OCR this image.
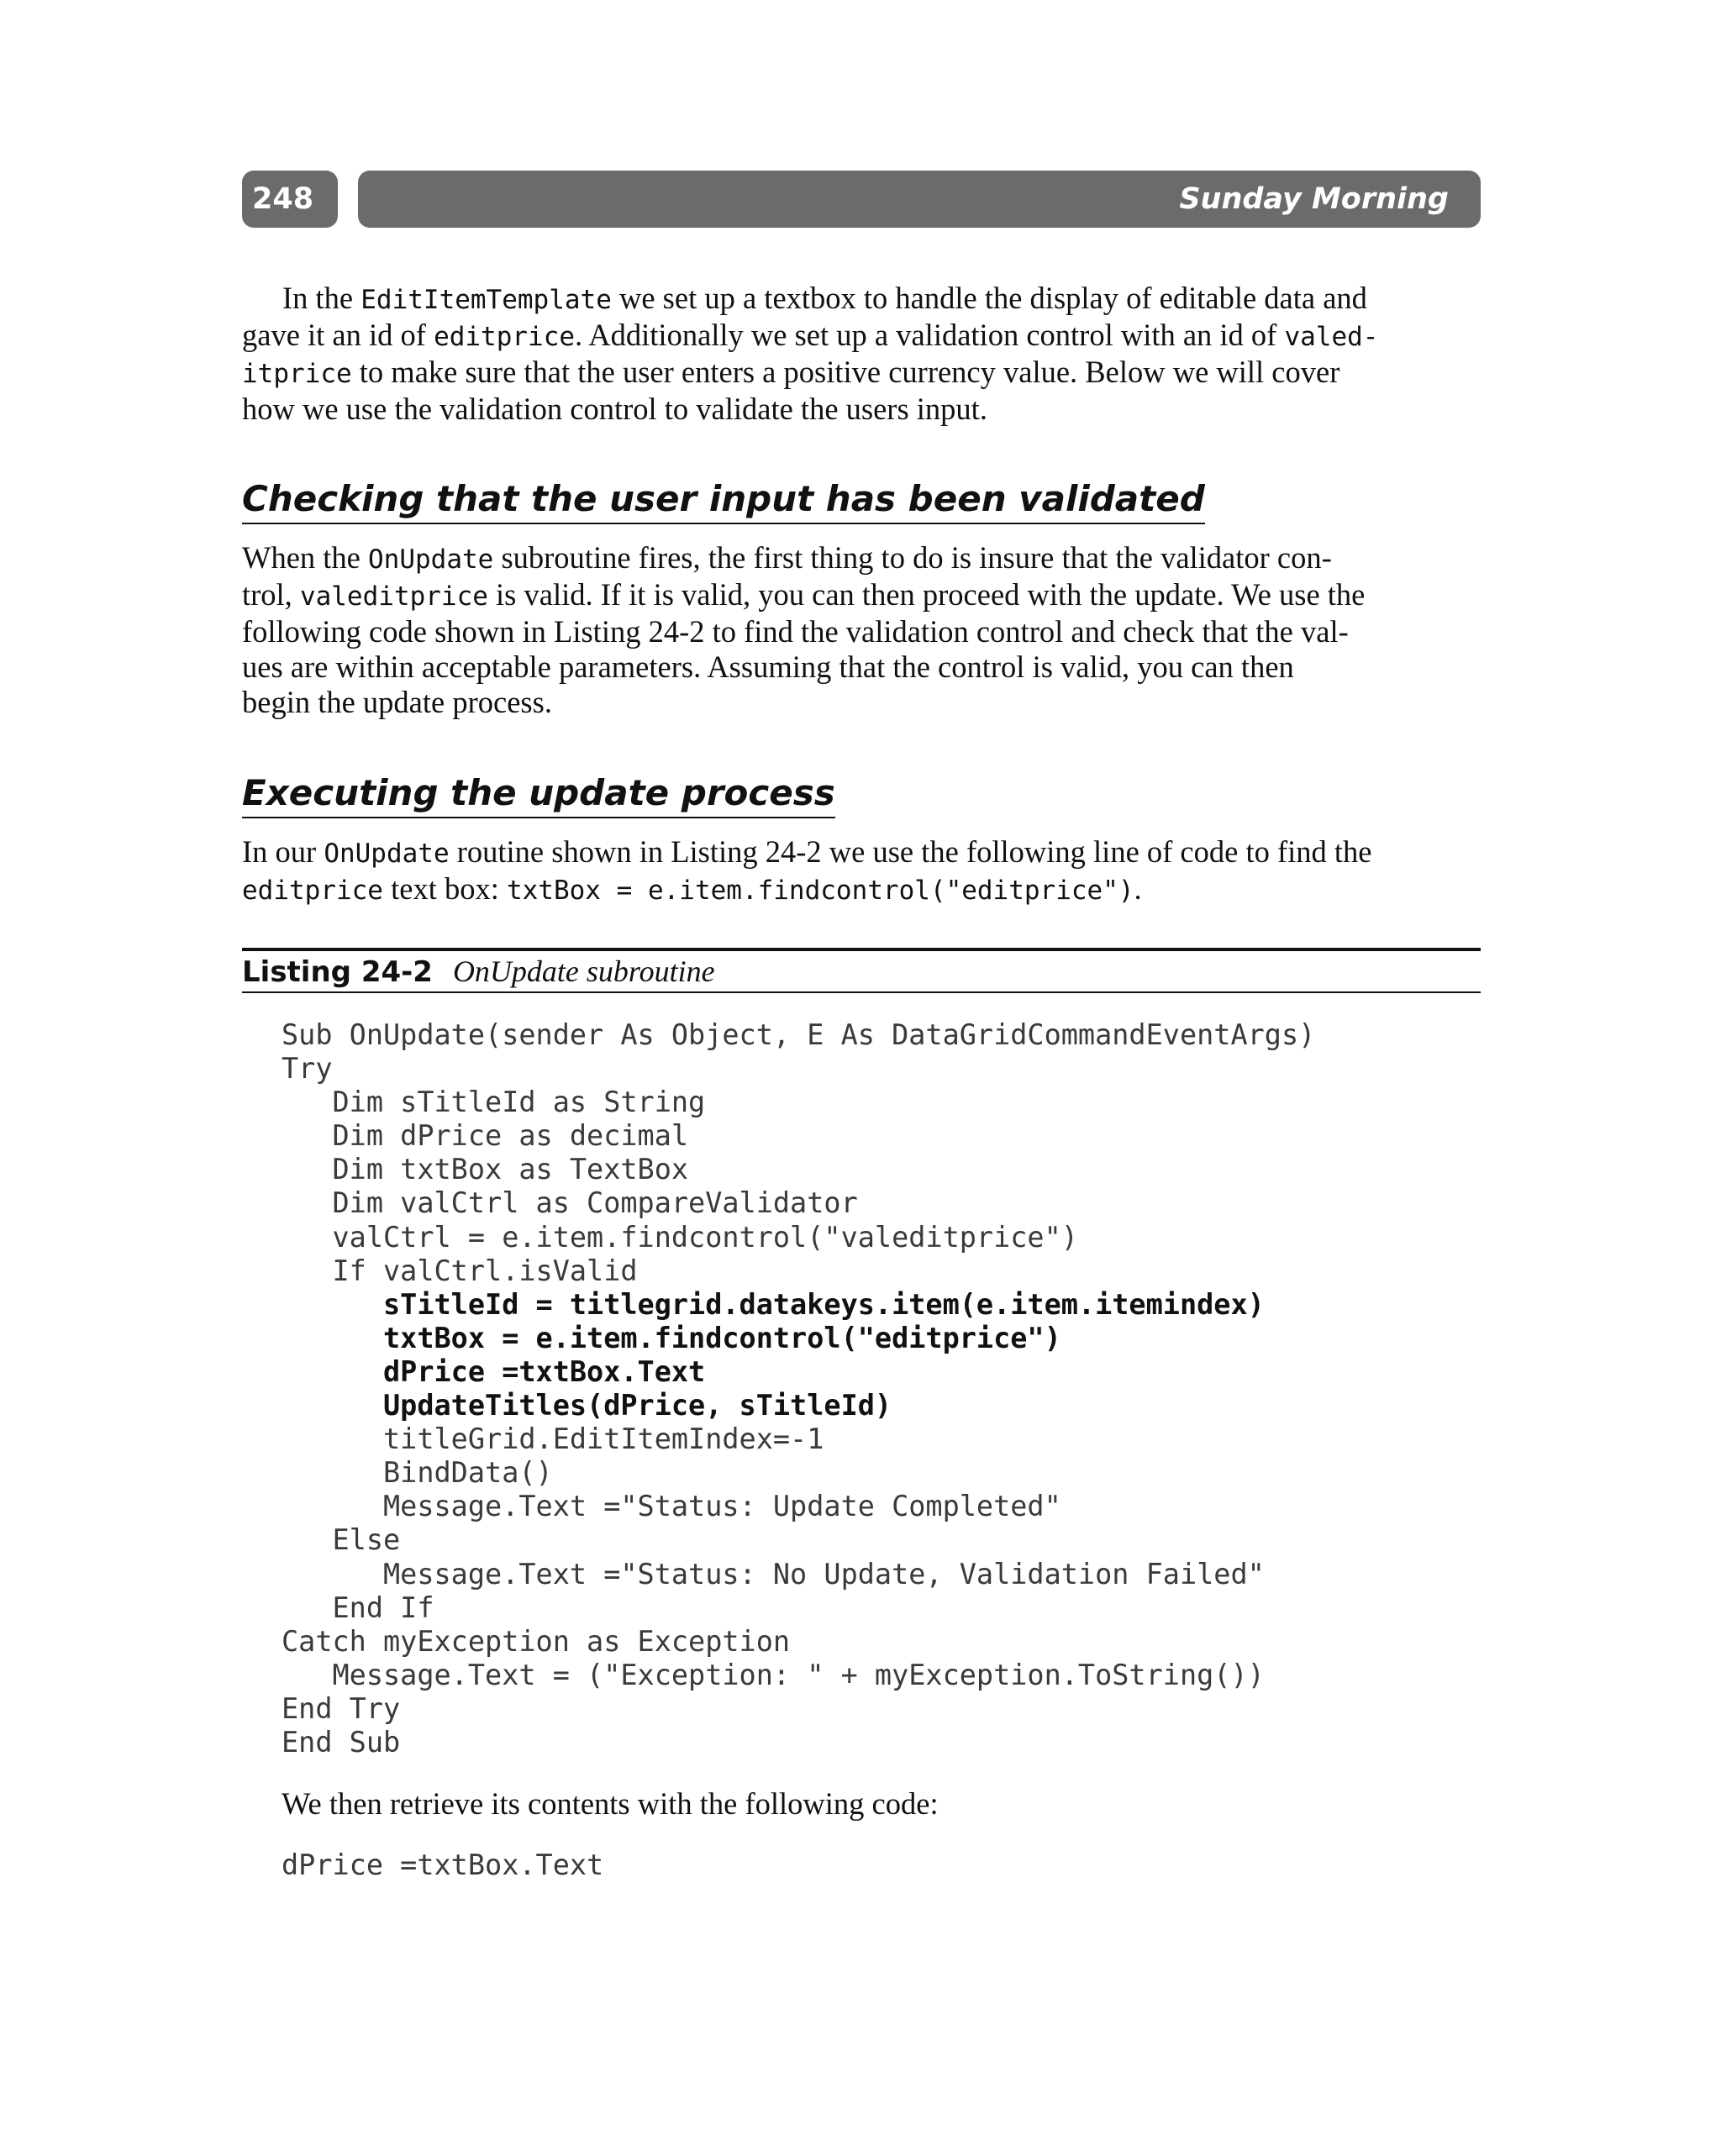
248	Sunday Morning
In the EditItemTemplate we set up a textbox to handle the display of editable data and
gave it an id of editprice. Additionally we set up a validation control with an id of valed-
itprice to make sure that the user enters a positive currency value. Below we will cover
how we use the validation control to validate the users input.
Checking that the user input has been validated
When the OnUpdate subroutine fires, the first thing to do is insure that the validator con-
trol, valeditprice is valid. If it is valid, you can then proceed with the update. We use the
following code shown in Listing 24-2 to find the validation control and check that the val-
ues are within acceptable parameters. Assuming that the control is valid, you can then
begin the update process.
Executing the update process
In our OnUpdate routine shown in Listing 24-2 we use the following line of code to find the
editprice text box: txtBox = e.item.findcontrol("editprice").
Listing 24-2 OnUpdate subroutine
Sub OnUpdate(sender As Object, E As DataGridCommandEventArgs)
Try
Dim sTitleId as String
Dim dPrice as decimal
Dim txtBox as TextBox
Dim valCtrl as CompareValidator
valCtrl = e.item.findcontrol("valeditprice")
If valCtrl.isValid
sTitleId = titlegrid.datakeys.item(e.item.itemindex)
txtBox = e.item.findcontrol("editprice")
dPrice =txtBox.Text
UpdateTitles(dPrice, sTitleId)
titleGrid.EditItemIndex=-1
BindData()
Message.Text ="Status: Update Completed"
Else
Message.Text ="Status: No Update, Validation Failed"
End If
Catch myException as Exception
Message.Text = ("Exception: " + myException.ToString())
End Try
End Sub
We then retrieve its contents with the following code:
dPrice =txtBox.Text
